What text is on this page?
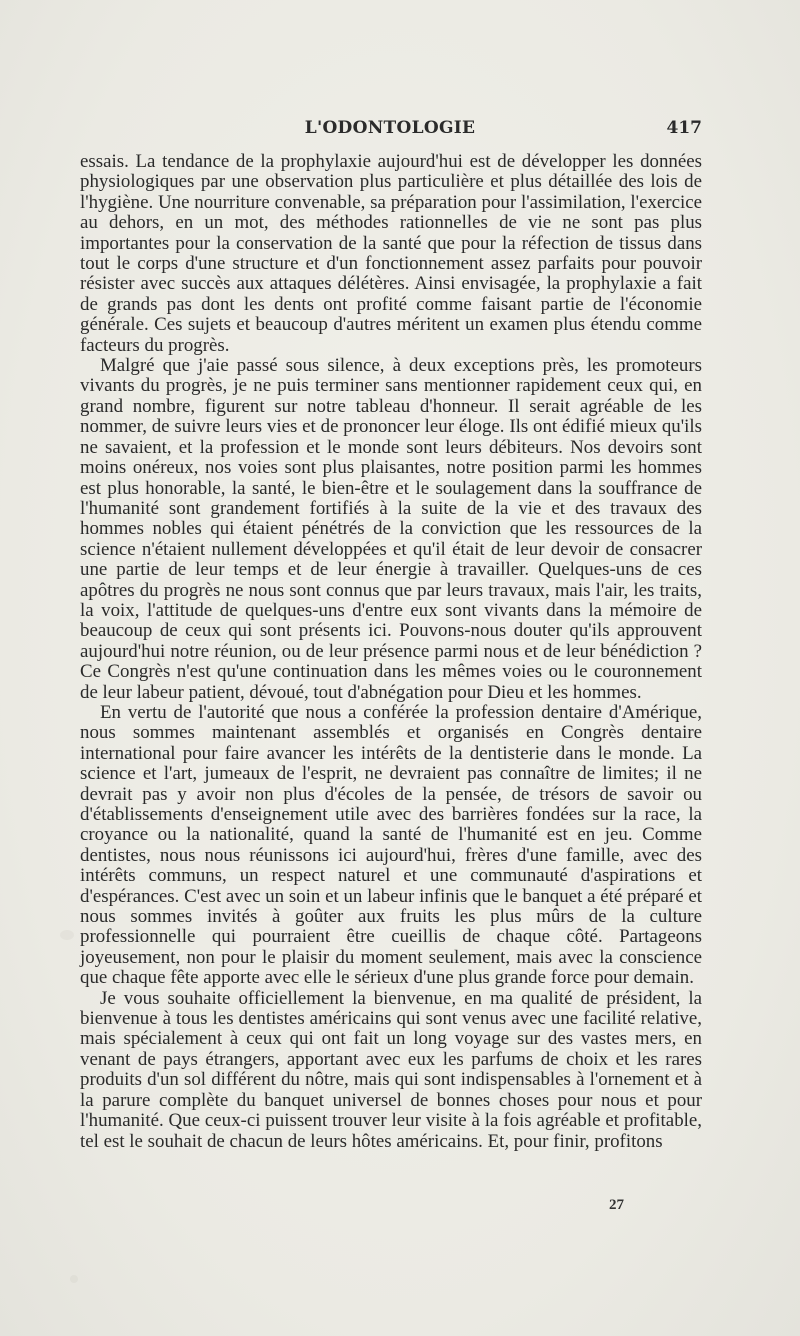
L'ODONTOLOGIE	417

essais. La tendance de la prophylaxie aujourd'hui est de développer les données physiologiques par une observation plus particulière et plus détaillée des lois de l'hygiène. Une nourriture convenable, sa préparation pour l'assimilation, l'exercice au dehors, en un mot, des méthodes rationnelles de vie ne sont pas plus importantes pour la conservation de la santé que pour la réfection de tissus dans tout le corps d'une structure et d'un fonctionnement assez parfaits pour pouvoir résister avec succès aux attaques délétères. Ainsi envisagée, la prophylaxie a fait de grands pas dont les dents ont profité comme faisant partie de l'économie générale. Ces sujets et beaucoup d'autres méritent un examen plus étendu comme facteurs du progrès.

Malgré que j'aie passé sous silence, à deux exceptions près, les promoteurs vivants du progrès, je ne puis terminer sans mentionner rapidement ceux qui, en grand nombre, figurent sur notre tableau d'honneur. Il serait agréable de les nommer, de suivre leurs vies et de prononcer leur éloge. Ils ont édifié mieux qu'ils ne savaient, et la profession et le monde sont leurs débiteurs. Nos devoirs sont moins onéreux, nos voies sont plus plaisantes, notre position parmi les hommes est plus honorable, la santé, le bien-être et le soulagement dans la souffrance de l'humanité sont grandement fortifiés à la suite de la vie et des travaux des hommes nobles qui étaient pénétrés de la conviction que les ressources de la science n'étaient nullement développées et qu'il était de leur devoir de consacrer une partie de leur temps et de leur énergie à travailler. Quelques-uns de ces apôtres du progrès ne nous sont connus que par leurs travaux, mais l'air, les traits, la voix, l'attitude de quelques-uns d'entre eux sont vivants dans la mémoire de beaucoup de ceux qui sont présents ici. Pouvons-nous douter qu'ils approuvent aujourd'hui notre réunion, ou de leur présence parmi nous et de leur bénédiction ? Ce Congrès n'est qu'une continuation dans les mêmes voies ou le couronnement de leur labeur patient, dévoué, tout d'abnégation pour Dieu et les hommes.

En vertu de l'autorité que nous a conférée la profession dentaire d'Amérique, nous sommes maintenant assemblés et organisés en Congrès dentaire international pour faire avancer les intérêts de la dentisterie dans le monde. La science et l'art, jumeaux de l'esprit, ne devraient pas connaître de limites; il ne devrait pas y avoir non plus d'écoles de la pensée, de trésors de savoir ou d'établissements d'enseignement utile avec des barrières fondées sur la race, la croyance ou la nationalité, quand la santé de l'humanité est en jeu. Comme dentistes, nous nous réunissons ici aujourd'hui, frères d'une famille, avec des intérêts communs, un respect naturel et une communauté d'aspirations et d'espérances. C'est avec un soin et un labeur infinis que le banquet a été préparé et nous sommes invités à goûter aux fruits les plus mûrs de la culture professionnelle qui pourraient être cueillis de chaque côté. Partageons joyeusement, non pour le plaisir du moment seulement, mais avec la conscience que chaque fête apporte avec elle le sérieux d'une plus grande force pour demain.

Je vous souhaite officiellement la bienvenue, en ma qualité de président, la bienvenue à tous les dentistes américains qui sont venus avec une facilité relative, mais spécialement à ceux qui ont fait un long voyage sur des vastes mers, en venant de pays étrangers, apportant avec eux les parfums de choix et les rares produits d'un sol différent du nôtre, mais qui sont indispensables à l'ornement et à la parure complète du banquet universel de bonnes choses pour nous et pour l'humanité. Que ceux-ci puissent trouver leur visite à la fois agréable et profitable, tel est le souhait de chacun de leurs hôtes américains. Et, pour finir, profitons

27
